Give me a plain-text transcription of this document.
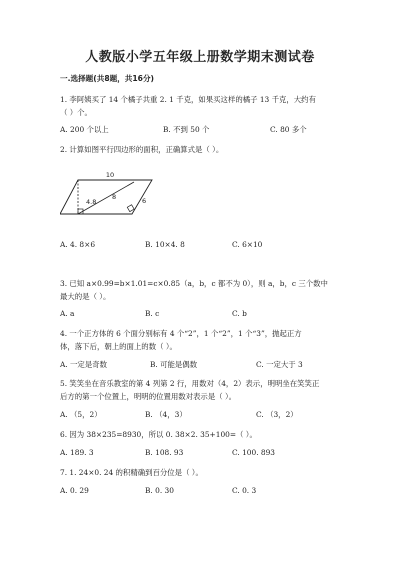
人教版小学五年级上册数学期末测试卷
一.选择题(共8题，共16分)
1. 李阿姨买了 14 个橘子共重 2. 1 千克，如果买这样的橘子 13 千克，大约有
（ ）个。
A. 200 个以上	B. 不到 50 个	C. 80 多个
2. 计算如图平行四边形的面积，正确算式是（ ）。
10
8
4.8	6
A. 4. 8×6	B. 10×4. 8	C. 6×10
3. 已知 a×0.99=b×1.01=c×0.85（a，b，c 都不为 0），则 a，b，c 三个数中
最大的是（ ）。
A. a	B. c	C. b
4. 一个正方体的 6 个面分别标有 4 个“2”，1 个“2”，1 个“3”，抛起正方
体，落下后，朝上的面上的数（ ）。
A. 一定是奇数	B. 可能是偶数	C. 一定大于 3
5. 笑笑坐在音乐教室的第 4 列第 2 行，用数对（4，2）表示，明明坐在笑笑正
后方的第一个位置上，明明的位置用数对表示是（ ）。
A. （5，2）	B. （4，3）	C. （3，2）
6. 因为 38×235=8930，所以 0. 38×2. 35+100=（ ）。
A. 189. 3	B. 108. 93	C. 100. 893
7. 1. 24×0. 24 的积精确到百分位是（ ）。
A. 0. 29	B. 0. 30	C. 0. 3
